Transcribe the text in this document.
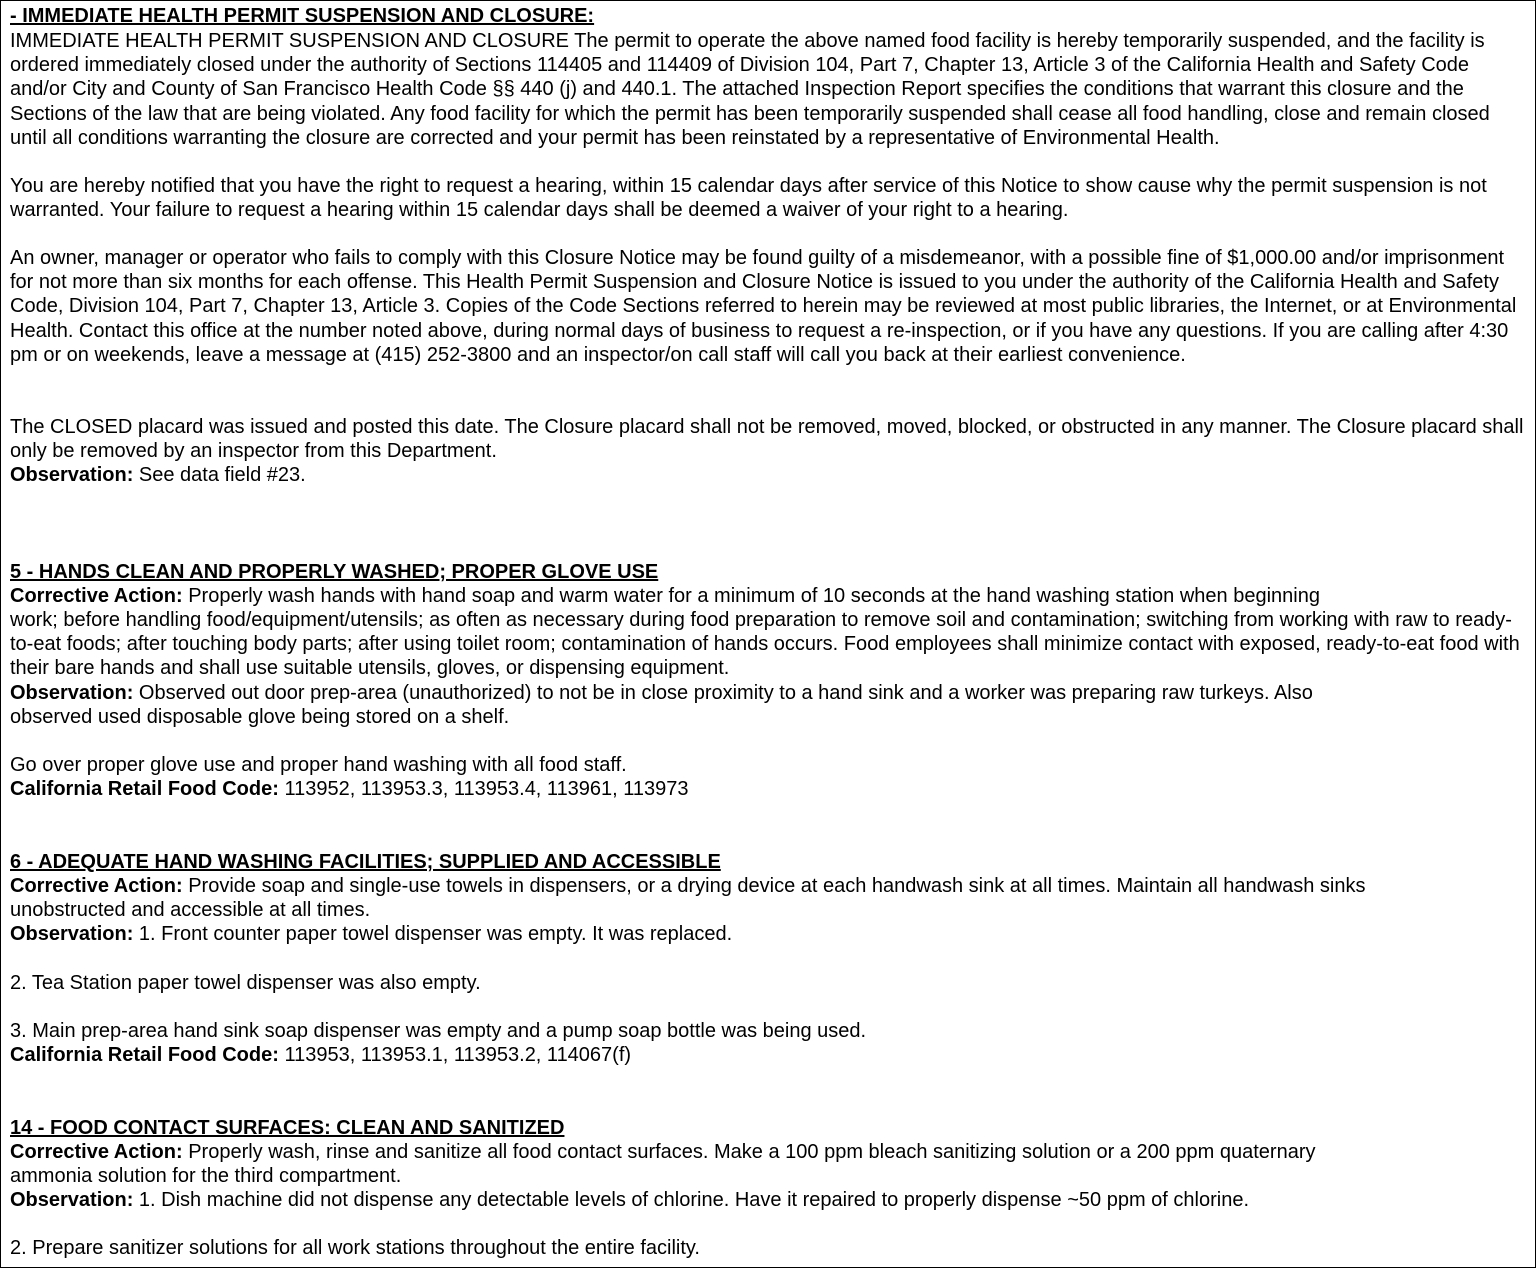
- IMMEDIATE HEALTH PERMIT SUSPENSION AND CLOSURE:

IMMEDIATE HEALTH PERMIT SUSPENSION AND CLOSURE The permit to operate the above named food facility is hereby temporarily suspended, and the facility is ordered immediately closed under the authority of Sections 114405 and 114409 of Division 104, Part 7, Chapter 13, Article 3 of the California Health and Safety Code and/or City and County of San Francisco Health Code §§ 440 (j) and 440.1. The attached Inspection Report specifies the conditions that warrant this closure and the Sections of the law that are being violated. Any food facility for which the permit has been temporarily suspended shall cease all food handling, close and remain closed until all conditions warranting the closure are corrected and your permit has been reinstated by a representative of Environmental Health.

You are hereby notified that you have the right to request a hearing, within 15 calendar days after service of this Notice to show cause why the permit suspension is not warranted. Your failure to request a hearing within 15 calendar days shall be deemed a waiver of your right to a hearing.

An owner, manager or operator who fails to comply with this Closure Notice may be found guilty of a misdemeanor, with a possible fine of $1,000.00 and/or imprisonment for not more than six months for each offense. This Health Permit Suspension and Closure Notice is issued to you under the authority of the California Health and Safety Code, Division 104, Part 7, Chapter 13, Article 3. Copies of the Code Sections referred to herein may be reviewed at most public libraries, the Internet, or at Environmental Health. Contact this office at the number noted above, during normal days of business to request a re-inspection, or if you have any questions. If you are calling after 4:30 pm or on weekends, leave a message at (415) 252-3800 and an inspector/on call staff will call you back at their earliest convenience.

The CLOSED placard was issued and posted this date. The Closure placard shall not be removed, moved, blocked, or obstructed in any manner. The Closure placard shall only be removed by an inspector from this Department.

Observation: See data field #23.
5 - HANDS CLEAN AND PROPERLY WASHED; PROPER GLOVE USE
Corrective Action: Properly wash hands with hand soap and warm water for a minimum of 10 seconds at the hand washing station when beginning

work; before handling food/equipment/utensils; as often as necessary during food preparation to remove soil and contamination; switching from working with raw to ready-to-eat foods; after touching body parts; after using toilet room; contamination of hands occurs. Food employees shall minimize contact with exposed, ready-to-eat food with their bare hands and shall use suitable utensils, gloves, or dispensing equipment.

Observation: Observed out door prep-area (unauthorized) to not be in close proximity to a hand sink and a worker was preparing raw turkeys. Also
observed used disposable glove being stored on a shelf.
Go over proper glove use and proper hand washing with all food staff.
California Retail Food Code: 113952, 113953.3, 113953.4, 113961, 113973
6 - ADEQUATE HAND WASHING FACILITIES; SUPPLIED AND ACCESSIBLE
Corrective Action: Provide soap and single-use towels in dispensers, or a drying device at each handwash sink at all times. Maintain all handwash sinks
unobstructed and accessible at all times.
Observation: 1. Front counter paper towel dispenser was empty. It was replaced.
2. Tea Station paper towel dispenser was also empty.
3. Main prep-area hand sink soap dispenser was empty and a pump soap bottle was being used.
California Retail Food Code: 113953, 113953.1, 113953.2, 114067(f)
14 - FOOD CONTACT SURFACES: CLEAN AND SANITIZED
Corrective Action: Properly wash, rinse and sanitize all food contact surfaces. Make a 100 ppm bleach sanitizing solution or a 200 ppm quaternary
ammonia solution for the third compartment.
Observation: 1. Dish machine did not dispense any detectable levels of chlorine. Have it repaired to properly dispense ~50 ppm of chlorine.
2. Prepare sanitizer solutions for all work stations throughout the entire facility.
